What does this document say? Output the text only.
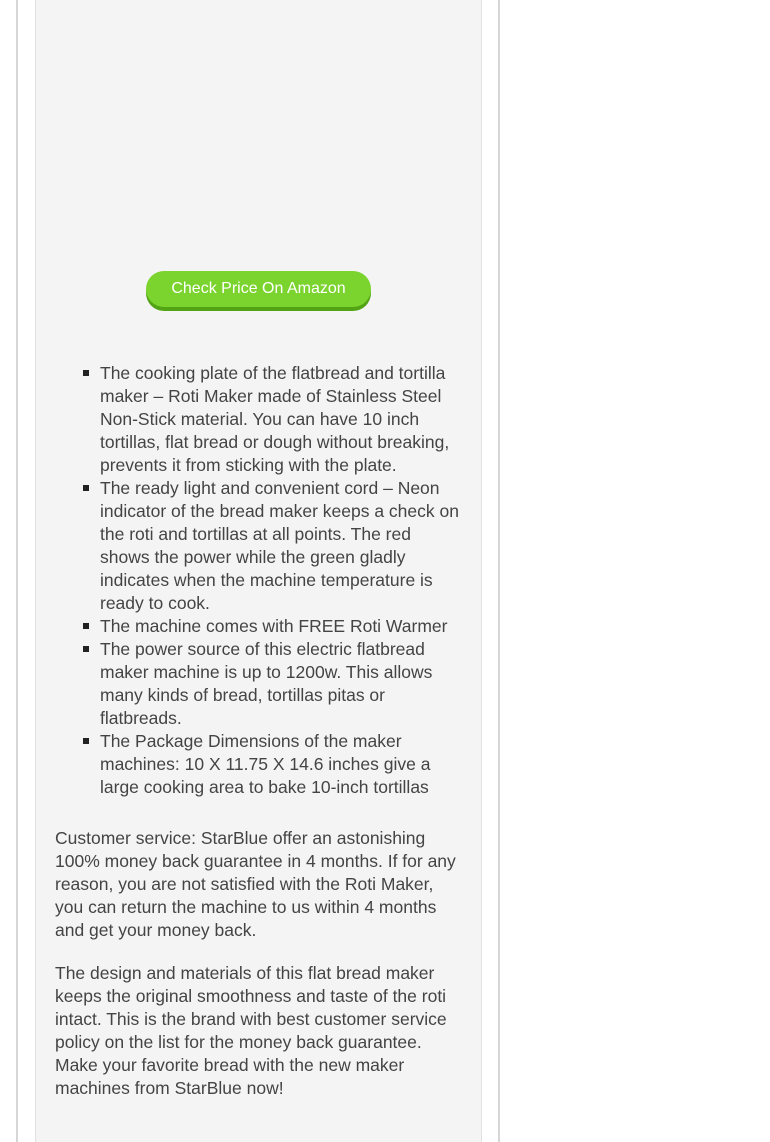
Check Price On Amazon
The cooking plate of the flatbread and tortilla maker – Roti Maker made of Stainless Steel Non-Stick material. You can have 10 inch tortillas, flat bread or dough without breaking, prevents it from sticking with the plate.
The ready light and convenient cord – Neon indicator of the bread maker keeps a check on the roti and tortillas at all points. The red shows the power while the green gladly indicates when the machine temperature is ready to cook.
The machine comes with FREE Roti Warmer
The power source of this electric flatbread maker machine is up to 1200w. This allows many kinds of bread, tortillas pitas or flatbreads.
The Package Dimensions of the maker machines: 10 X 11.75 X 14.6 inches give a large cooking area to bake 10-inch tortillas

Customer service: StarBlue offer an astonishing 100% money back guarantee in 4 months. If for any reason, you are not satisfied with the Roti Maker, you can return the machine to us within 4 months and get your money back.

The design and materials of this flat bread maker keeps the original smoothness and taste of the roti intact. This is the brand with best customer service policy on the list for the money back guarantee. Make your favorite bread with the new maker machines from StarBlue now!
